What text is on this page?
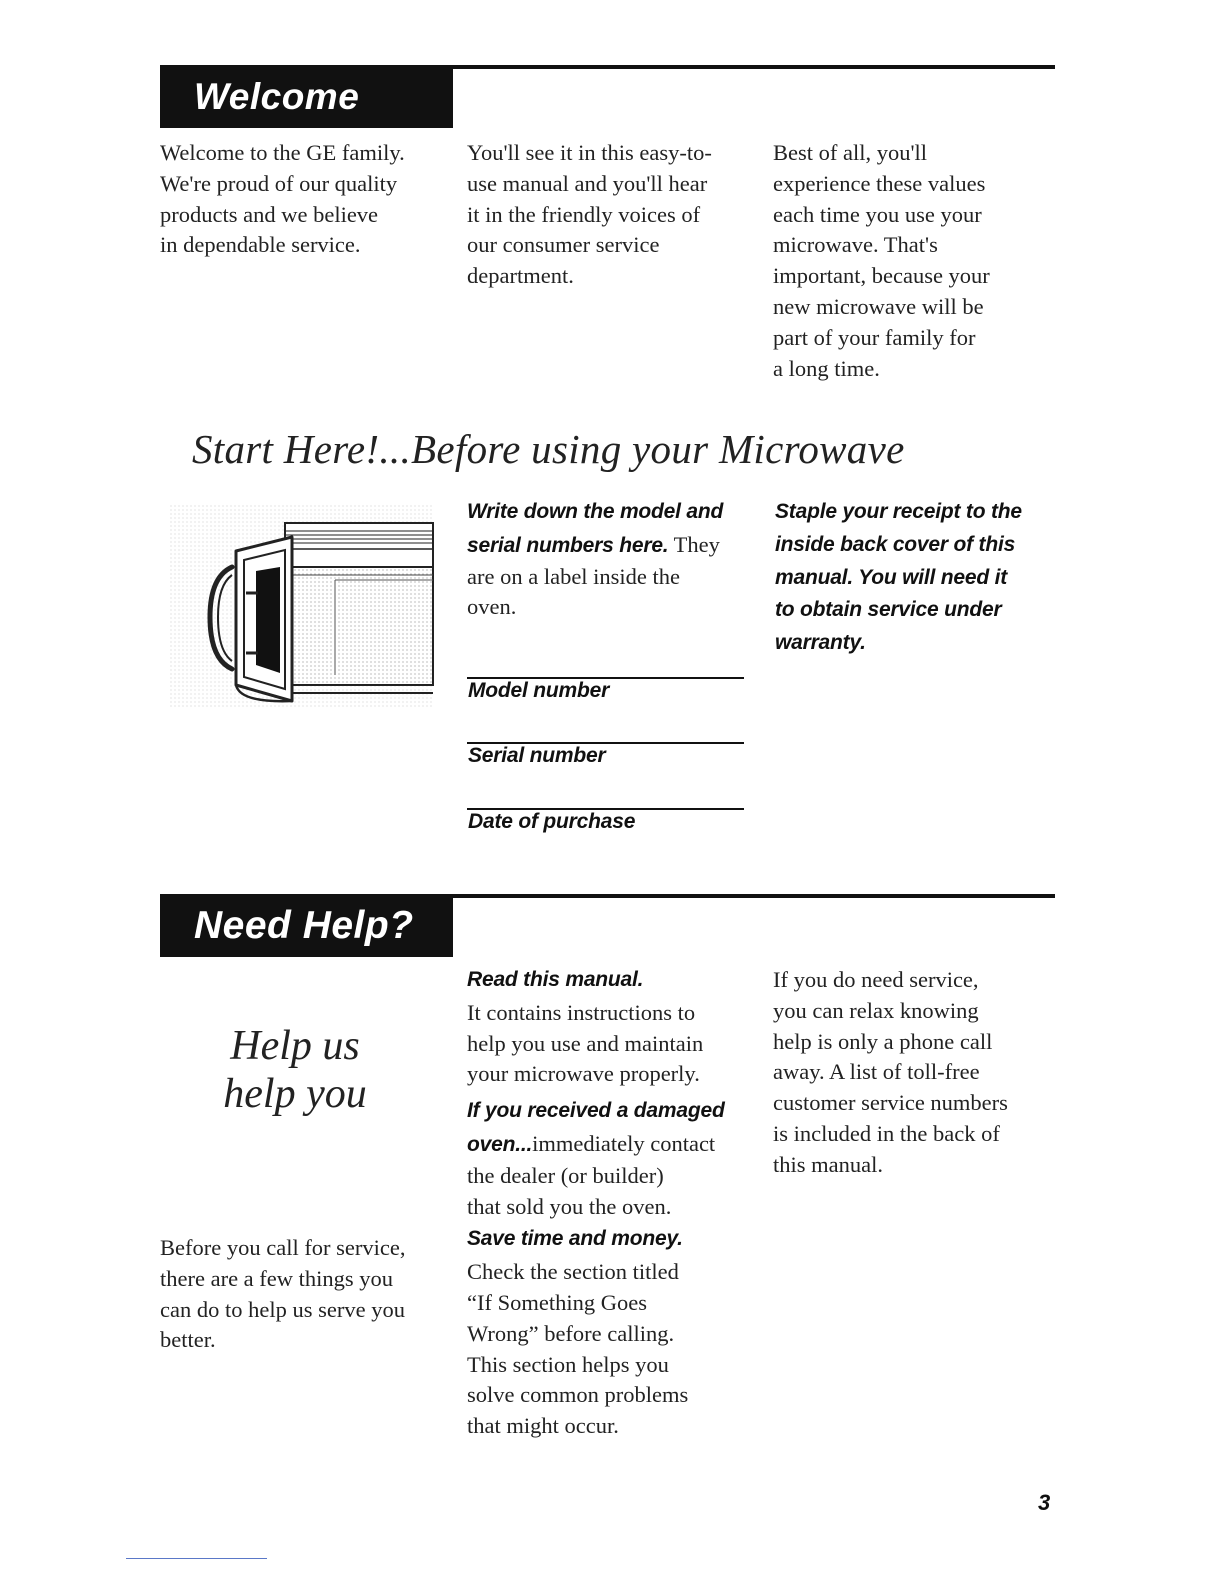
Welcome

Welcome to the GE family.

We're proud of our quality

products and we believe

in dependable service.

You'll see it in this easy-to-

use manual and you'll hear

it in the friendly voices of

our consumer service

department.

Best of all, you'll

experience these values

each time you use your

microwave. That's

important, because your

new microwave will be

part of your family for

a long time.

Start Here!...Before using your Microwave

Write down the model and

serial numbers here. They

are on a label inside the

oven.

Staple your receipt to the

inside back cover of this

manual. You will need it

to obtain service under

warranty.

Model number
Serial number
Date of purchase
Need Help?
Help us
help you

Before you call for service,

there are a few things you

can do to help us serve you

better.

Read this manual.

It contains instructions to

help you use and maintain

your microwave properly.

If you received a damaged

oven...immediately contact

the dealer (or builder)

that sold you the oven.

Save time and money.

Check the section titled

“If Something Goes

Wrong” before calling.

This section helps you

solve common problems

that might occur.

If you do need service,

you can relax knowing

help is only a phone call

away. A list of toll-free

customer service numbers

is included in the back of

this manual.

3
